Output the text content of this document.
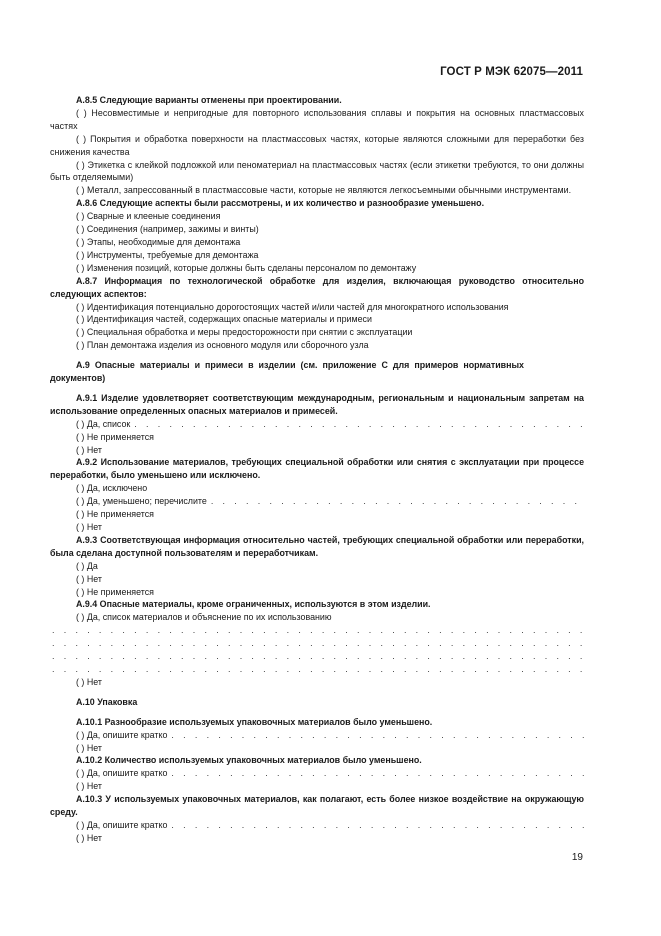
ГОСТ Р МЭК 62075—2011
А.8.5 Следующие варианты отменены при проектировании.
( ) Несовместимые и непригодные для повторного использования сплавы и покрытия на основных пластмассовых частях
( ) Покрытия и обработка поверхности на пластмассовых частях, которые являются сложными для переработки без снижения качества
( ) Этикетка с клейкой подложкой или пеноматериал на пластмассовых частях (если этикетки требуются, то они должны быть отделяемыми)
( ) Металл, запрессованный в пластмассовые части, которые не являются легкосъемными обычными инструментами.
А.8.6 Следующие аспекты были рассмотрены, и их количество и разнообразие уменьшено.
( ) Сварные и клееные соединения
( ) Соединения (например, зажимы и винты)
( ) Этапы, необходимые для демонтажа
( ) Инструменты, требуемые для демонтажа
( ) Изменения позиций, которые должны быть сделаны персоналом по демонтажу
А.8.7 Информация по технологической обработке для изделия, включающая руководство относительно следующих аспектов:
( ) Идентификация потенциально дорогостоящих частей и/или частей для многократного использования
( ) Идентификация частей, содержащих опасные материалы и примеси
( ) Специальная обработка и меры предосторожности при снятии с эксплуатации
( ) План демонтажа изделия из основного модуля или сборочного узла
А.9 Опасные материалы и примеси в изделии (см. приложение С для примеров нормативных документов)
А.9.1 Изделие удовлетворяет соответствующим международным, региональным и национальным запретам на использование определенных опасных материалов и примесей.
( ) Да, список
. . .
( ) Не применяется
( ) Нет
А.9.2 Использование материалов, требующих специальной обработки или снятия с эксплуатации при процессе переработки, было уменьшено или исключено.
( ) Да, исключено
( ) Да, уменьшено; перечислите
. . .
( ) Не применяется
( ) Нет
А.9.3 Соответствующая информация относительно частей, требующих специальной обработки или переработки, была сделана доступной пользователям и переработчикам.
( ) Да
( ) Нет
( ) Не применяется
А.9.4 Опасные материалы, кроме ограниченных, используются в этом изделии.
( ) Да, список материалов и объяснение по их использованию
. . .
. . .
. . .
. . .
( ) Нет
А.10 Упаковка
А.10.1 Разнообразие используемых упаковочных материалов было уменьшено.
( ) Да, опишите кратко
. . .
( ) Нет
А.10.2 Количество используемых упаковочных материалов было уменьшено.
( ) Да, опишите кратко
. . .
( ) Нет
А.10.3 У используемых упаковочных материалов, как полагают, есть более низкое воздействие на окружающую среду.
( ) Да, опишите кратко
. . .
( ) Нет
19
